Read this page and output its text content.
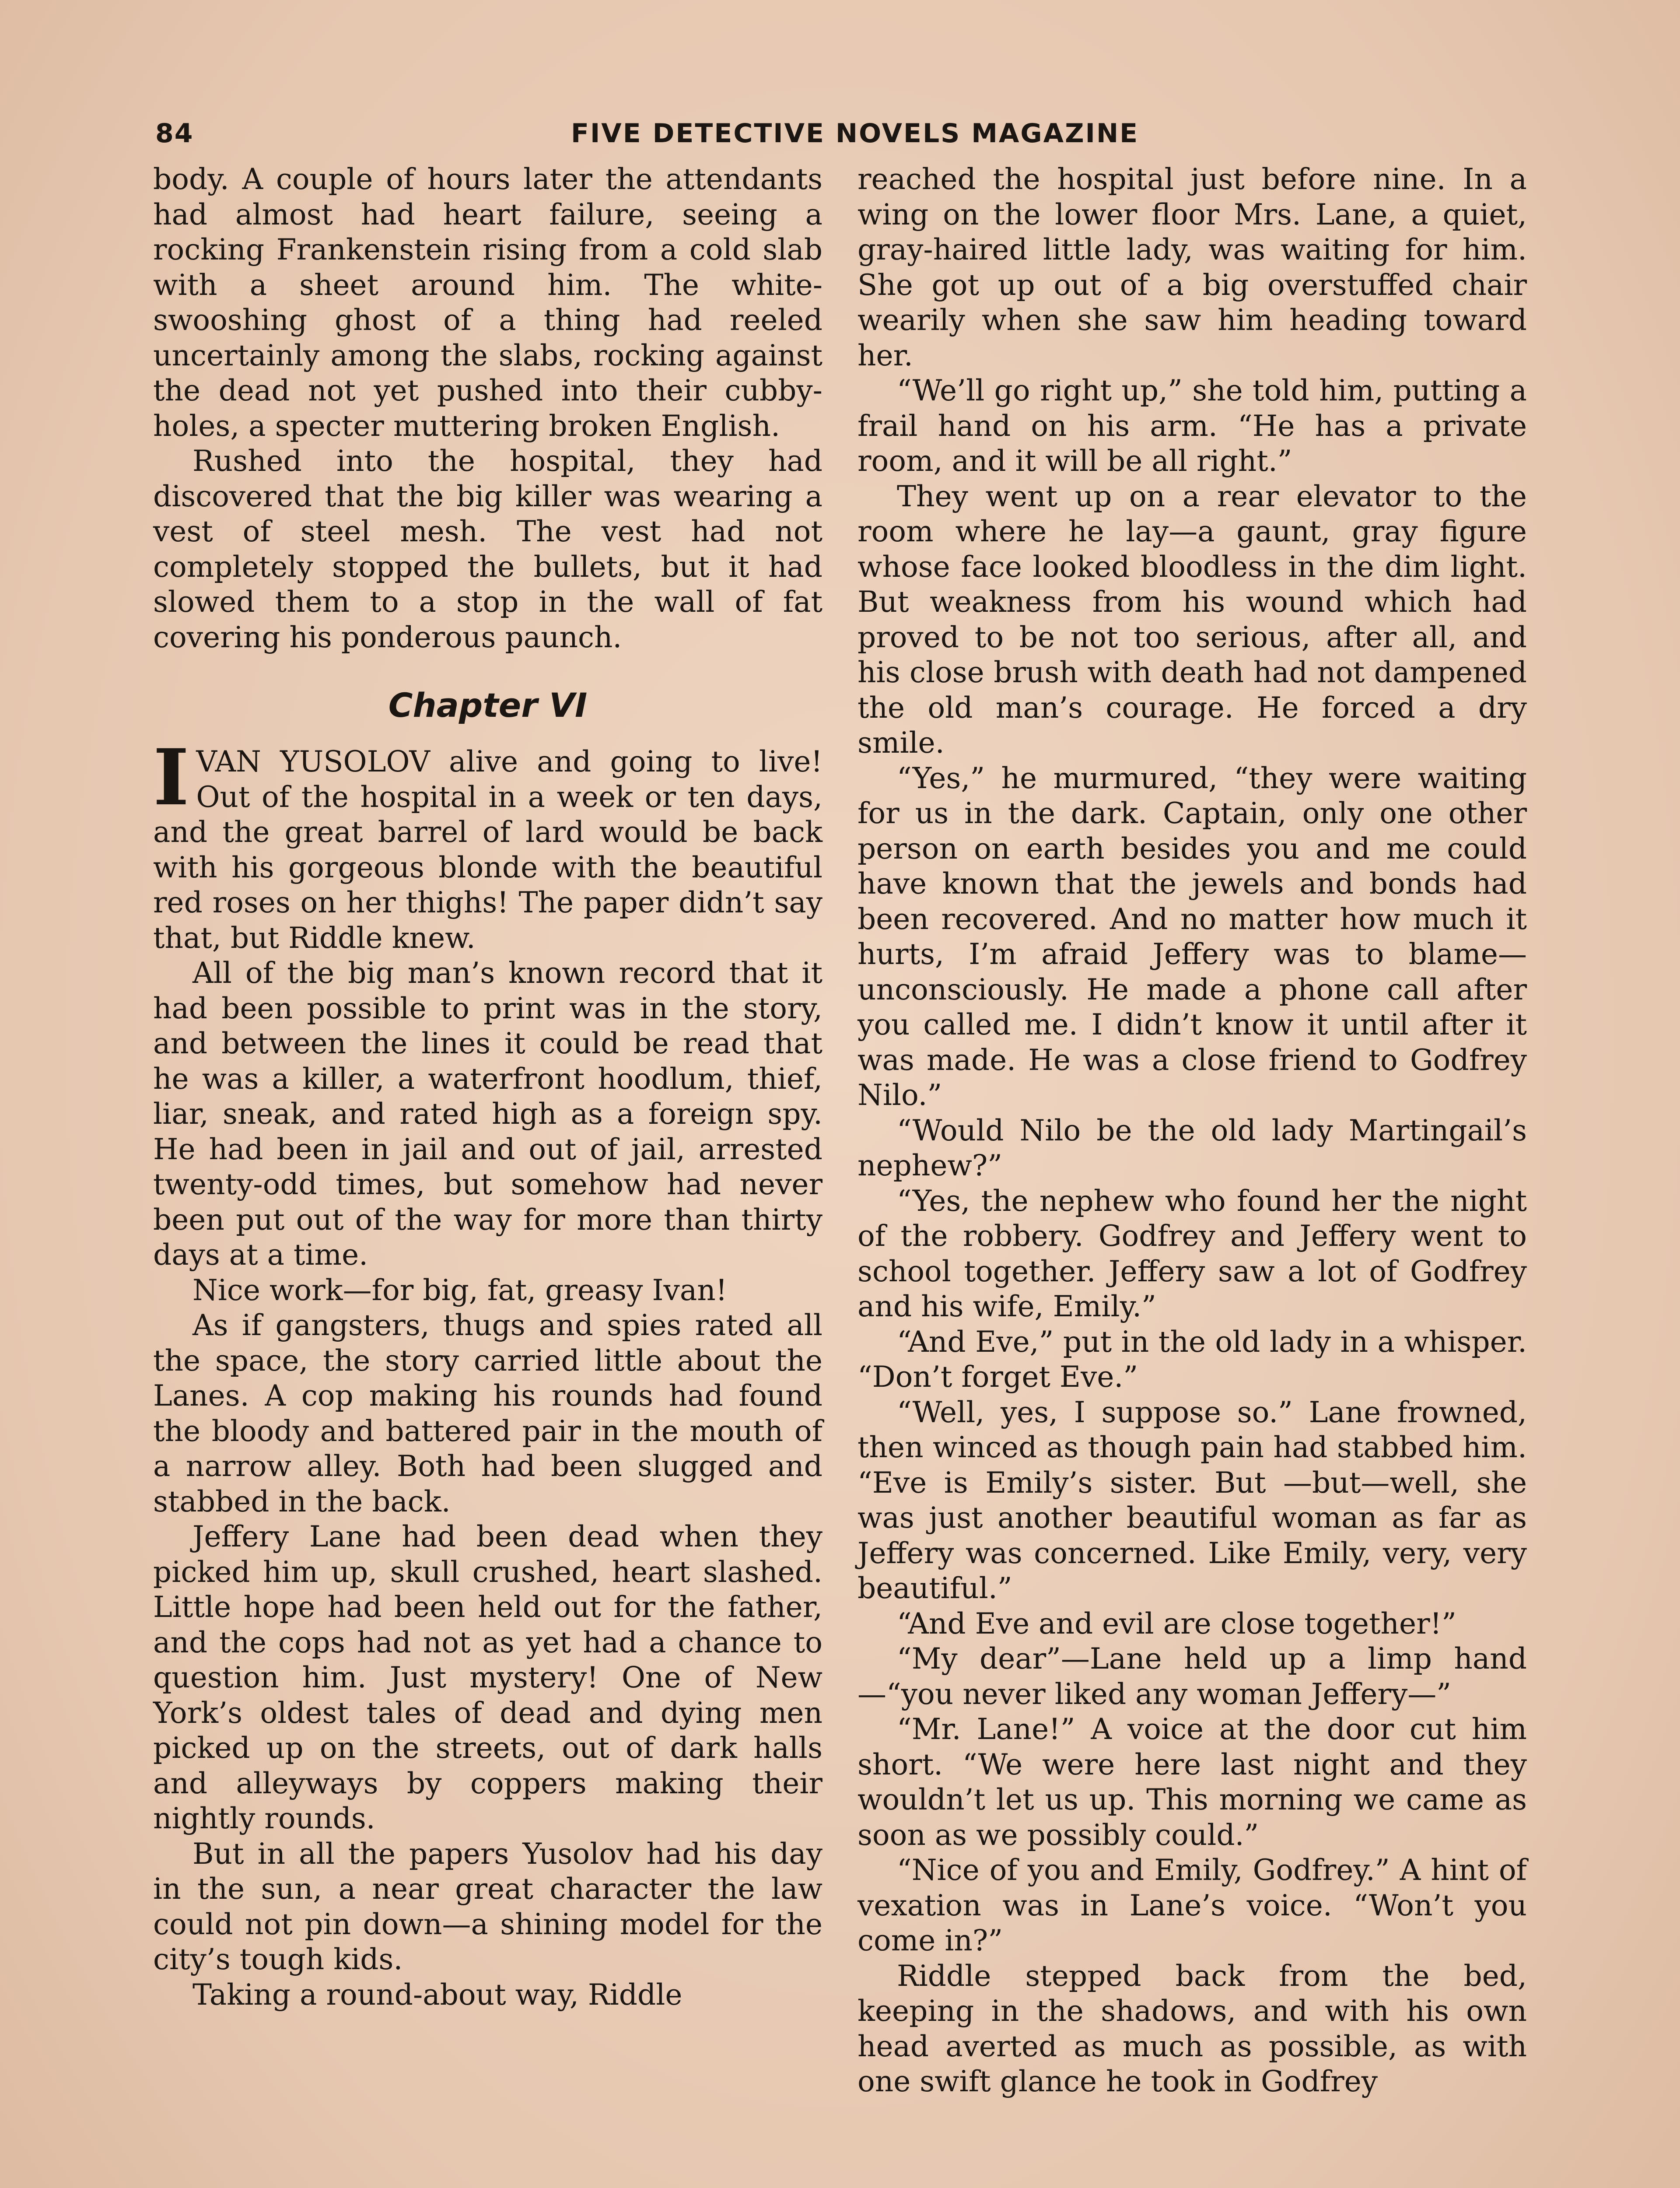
84	FIVE DETECTIVE NOVELS MAGAZINE

body. A couple of hours later the attendants had almost had heart failure, seeing a rocking Frankenstein rising from a cold slab with a sheet around him. The white-swooshing ghost of a thing had reeled uncertainly among the slabs, rocking against the dead not yet pushed into their cubby-holes, a specter muttering broken English.

Rushed into the hospital, they had discovered that the big killer was wearing a vest of steel mesh. The vest had not completely stopped the bullets, but it had slowed them to a stop in the wall of fat covering his ponderous paunch.

Chapter VI

IVAN YUSOLOV alive and going to live! Out of the hospital in a week or ten days, and the great barrel of lard would be back with his gorgeous blonde with the beautiful red roses on her thighs! The paper didn’t say that, but Riddle knew.

All of the big man’s known record that it had been possible to print was in the story, and between the lines it could be read that he was a killer, a waterfront hoodlum, thief, liar, sneak, and rated high as a foreign spy. He had been in jail and out of jail, arrested twenty-odd times, but somehow had never been put out of the way for more than thirty days at a time.

Nice work—for big, fat, greasy Ivan!

As if gangsters, thugs and spies rated all the space, the story carried little about the Lanes. A cop making his rounds had found the bloody and battered pair in the mouth of a narrow alley. Both had been slugged and stabbed in the back.

Jeffery Lane had been dead when they picked him up, skull crushed, heart slashed. Little hope had been held out for the father, and the cops had not as yet had a chance to question him. Just mystery! One of New York’s oldest tales of dead and dying men picked up on the streets, out of dark halls and alleyways by coppers making their nightly rounds.

But in all the papers Yusolov had his day in the sun, a near great character the law could not pin down—a shining model for the city’s tough kids.

Taking a round-about way, Riddle

reached the hospital just before nine. In a wing on the lower floor Mrs. Lane, a quiet, gray-haired little lady, was waiting for him. She got up out of a big overstuffed chair wearily when she saw him heading toward her.

“We’ll go right up,” she told him, putting a frail hand on his arm. “He has a private room, and it will be all right.”

They went up on a rear elevator to the room where he lay—a gaunt, gray figure whose face looked bloodless in the dim light. But weakness from his wound which had proved to be not too serious, after all, and his close brush with death had not dampened the old man’s courage. He forced a dry smile.

“Yes,” he murmured, “they were waiting for us in the dark. Captain, only one other person on earth besides you and me could have known that the jewels and bonds had been recovered. And no matter how much it hurts, I’m afraid Jeffery was to blame—unconsciously. He made a phone call after you called me. I didn’t know it until after it was made. He was a close friend to Godfrey Nilo.”

“Would Nilo be the old lady Martingail’s nephew?”

“Yes, the nephew who found her the night of the robbery. Godfrey and Jeffery went to school together. Jeffery saw a lot of Godfrey and his wife, Emily.”

“And Eve,” put in the old lady in a whisper. “Don’t forget Eve.”

“Well, yes, I suppose so.” Lane frowned, then winced as though pain had stabbed him. “Eve is Emily’s sister. But —but—well, she was just another beautiful woman as far as Jeffery was concerned. Like Emily, very, very beautiful.”

“And Eve and evil are close together!”

“My dear”—Lane held up a limp hand —“you never liked any woman Jeffery—”

“Mr. Lane!” A voice at the door cut him short. “We were here last night and they wouldn’t let us up. This morning we came as soon as we possibly could.”

“Nice of you and Emily, Godfrey.” A hint of vexation was in Lane’s voice. “Won’t you come in?”

Riddle stepped back from the bed, keeping in the shadows, and with his own head averted as much as possible, as with one swift glance he took in Godfrey
